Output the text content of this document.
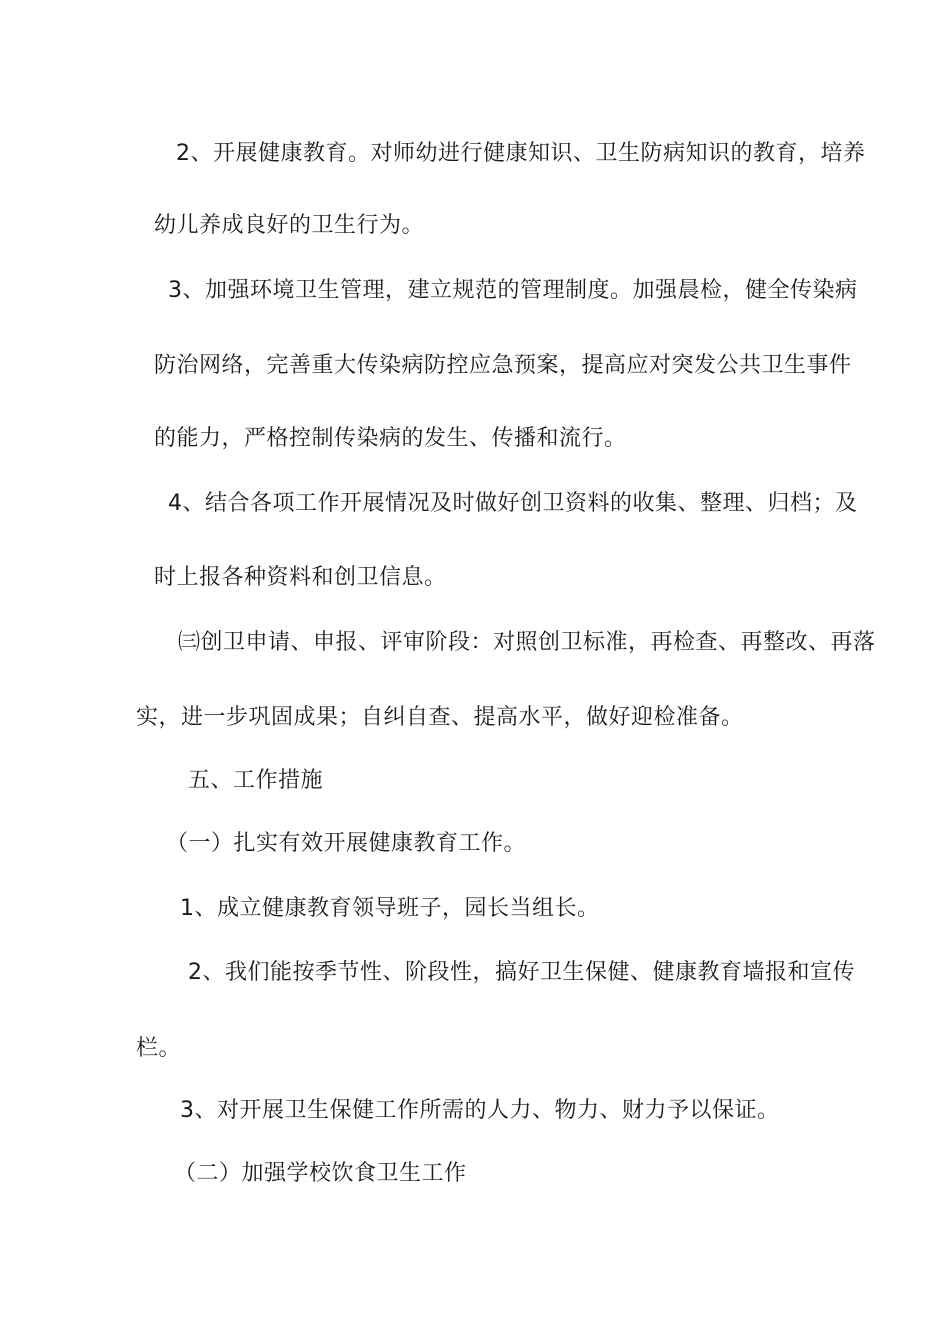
2、开展健康教育。对师幼进行健康知识、卫生防病知识的教育，培养
幼儿养成良好的卫生行为。
3、加强环境卫生管理，建立规范的管理制度。加强晨检，健全传染病
防治网络，完善重大传染病防控应急预案，提高应对突发公共卫生事件
的能力，严格控制传染病的发生、传播和流行。
4、结合各项工作开展情况及时做好创卫资料的收集、整理、归档；及
时上报各种资料和创卫信息。
㈢创卫申请、申报、评审阶段：对照创卫标准，再检查、再整改、再落
实，进一步巩固成果；自纠自查、提高水平，做好迎检准备。
五、工作措施
（一）扎实有效开展健康教育工作。
1、成立健康教育领导班子，园长当组长。
2、我们能按季节性、阶段性，搞好卫生保健、健康教育墙报和宣传
栏。
3、对开展卫生保健工作所需的人力、物力、财力予以保证。
（二）加强学校饮食卫生工作
